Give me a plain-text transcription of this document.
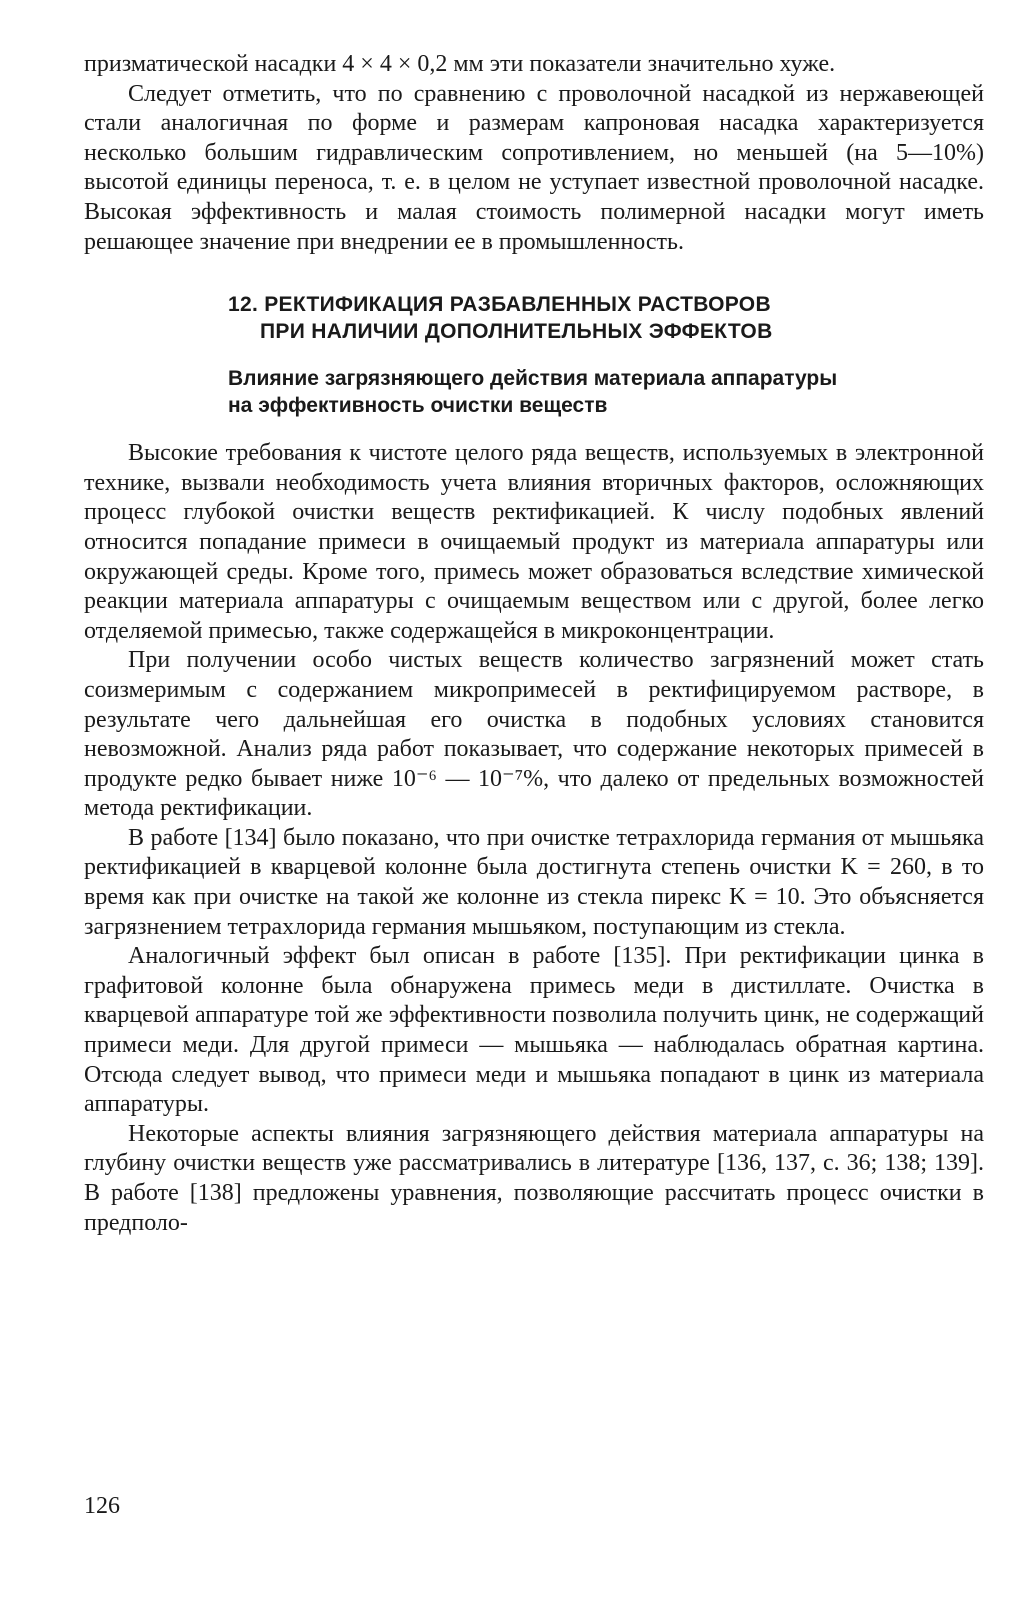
призматической насадки 4 × 4 × 0,2 мм эти показатели значительно хуже.

Следует отметить, что по сравнению с проволочной насадкой из нержавеющей стали аналогичная по форме и размерам капроновая насадка характеризуется несколько большим гидравлическим сопротивлением, но меньшей (на 5—10%) высотой единицы переноса, т. е. в целом не уступает известной проволочной насадке. Высокая эффективность и малая стоимость полимерной насадки могут иметь решающее значение при внедрении ее в промышленность.

12. РЕКТИФИКАЦИЯ РАЗБАВЛЕННЫХ РАСТВОРОВ
ПРИ НАЛИЧИИ ДОПОЛНИТЕЛЬНЫХ ЭФФЕКТОВ
Влияние загрязняющего действия материала аппаратуры
на эффективность очистки веществ

Высокие требования к чистоте целого ряда веществ, используемых в электронной технике, вызвали необходимость учета влияния вторичных факторов, осложняющих процесс глубокой очистки веществ ректификацией. К числу подобных явлений относится попадание примеси в очищаемый продукт из материала аппаратуры или окружающей среды. Кроме того, примесь может образоваться вследствие химической реакции материала аппаратуры с очищаемым веществом или с другой, более легко отделяемой примесью, также содержащейся в микроконцентрации.

При получении особо чистых веществ количество загрязнений может стать соизмеримым с содержанием микропримесей в ректифицируемом растворе, в результате чего дальнейшая его очистка в подобных условиях становится невозможной. Анализ ряда работ показывает, что содержание некоторых примесей в продукте редко бывает ниже 10⁻⁶ — 10⁻⁷%, что далеко от предельных возможностей метода ректификации.

В работе [134] было показано, что при очистке тетрахлорида германия от мышьяка ректификацией в кварцевой колонне была достигнута степень очистки K = 260, в то время как при очистке на такой же колонне из стекла пирекс K = 10. Это объясняется загрязнением тетрахлорида германия мышьяком, поступающим из стекла.

Аналогичный эффект был описан в работе [135]. При ректификации цинка в графитовой колонне была обнаружена примесь меди в дистиллате. Очистка в кварцевой аппаратуре той же эффективности позволила получить цинк, не содержащий примеси меди. Для другой примеси — мышьяка — наблюдалась обратная картина. Отсюда следует вывод, что примеси меди и мышьяка попадают в цинк из материала аппаратуры.

Некоторые аспекты влияния загрязняющего действия материала аппаратуры на глубину очистки веществ уже рассматривались в литературе [136, 137, с. 36; 138; 139]. В работе [138] предложены уравнения, позволяющие рассчитать процесс очистки в предполо-

126
